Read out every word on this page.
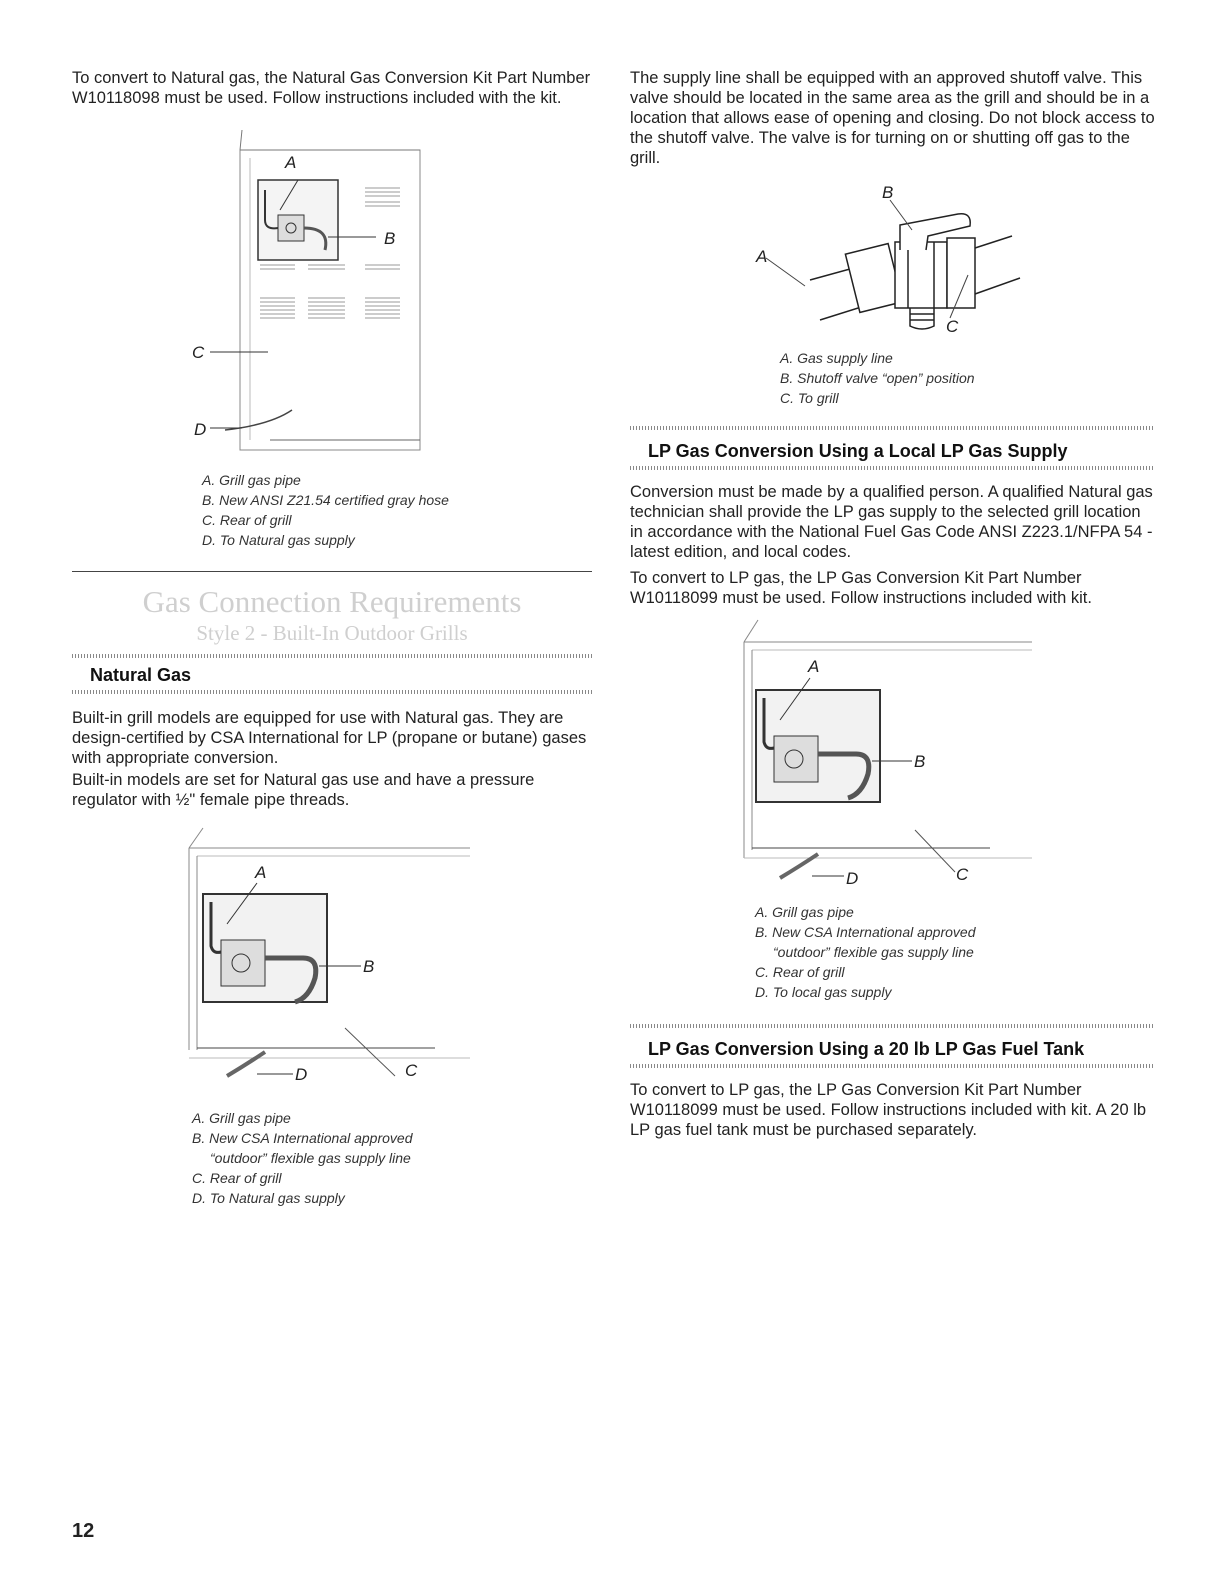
To convert to Natural gas, the Natural Gas Conversion Kit Part Number W10118098 must be used. Follow instructions included with the kit.

A
B
C
D
A. Grill gas pipe
B. New ANSI Z21.54 certified gray hose
C. Rear of grill
D. To Natural gas supply
Gas Connection Requirements
Style 2 - Built-In Outdoor Grills
Natural Gas

Built-in grill models are equipped for use with Natural gas. They are design-certified by CSA International for LP (propane or butane) gases with appropriate conversion.

Built-in models are set for Natural gas use and have a pressure regulator with ½" female pipe threads.

A
B
D	C
A. Grill gas pipe
B. New CSA International approved
“outdoor” flexible gas supply line
C. Rear of grill
D. To Natural gas supply

The supply line shall be equipped with an approved shutoff valve. This valve should be located in the same area as the grill and should be in a location that allows ease of opening and closing. Do not block access to the shutoff valve. The valve is for turning on or shutting off gas to the grill.

B
A
C
A. Gas supply line
B. Shutoff valve “open” position
C. To grill
LP Gas Conversion Using a Local LP Gas Supply

Conversion must be made by a qualified person. A qualified Natural gas technician shall provide the LP gas supply to the selected grill location in accordance with the National Fuel Gas Code ANSI Z223.1/NFPA 54 - latest edition, and local codes.

To convert to LP gas, the LP Gas Conversion Kit Part Number W10118099 must be used. Follow instructions included with kit.

A
B
D	C
A. Grill gas pipe
B. New CSA International approved
“outdoor” flexible gas supply line
C. Rear of grill
D. To local gas supply
LP Gas Conversion Using a 20 lb LP Gas Fuel Tank

To convert to LP gas, the LP Gas Conversion Kit Part Number W10118099 must be used. Follow instructions included with kit. A 20 lb LP gas fuel tank must be purchased separately.

12
